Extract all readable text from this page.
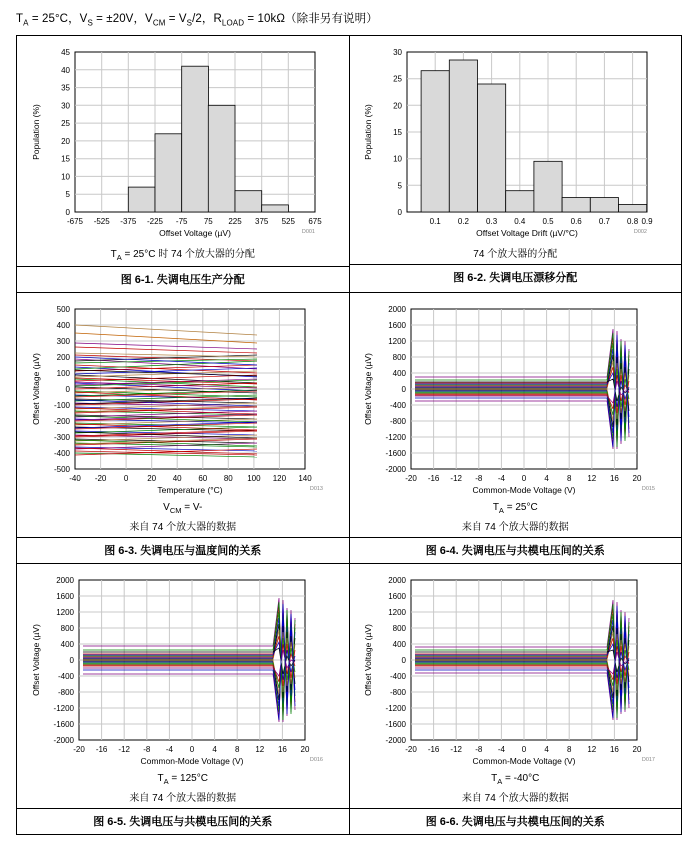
$T_A = 25^\circ C$，$V_S = \pm 20V$，$V_{CM} = V_S/2$，$R_{LOAD} = 10k\Omega$（除非另有说明）
0
5
10
15
20
25
30
35
40
45
-675 -525 -375 -225 -75 75 225 375 525 675
Offset Voltage (µV)
Population (%)
D001
$T_A = 25^\circ C$ 时 74 个放大器的分配
图 6-1. 失调电压生产分配

0
5
10
15
20
25
30
0.1 0.2 0.3 0.4 0.5 0.6 0.7 0.8 0.9
Offset Voltage Drift (µV/°C)
Population (%)
D002
74 个放大器的分配
图 6-2. 失调电压漂移分配

-500
-400
-300
-200
-100
0
100
200
300
400
500
-40 -20 0 20 40 60 80 100 120 140
Temperature (°C)
Offset Voltage (µV)
D013
$V_{CM} = V-$
来自 74 个放大器的数据
图 6-3. 失调电压与温度间的关系

-2000
-1600
-1200
-800
-400
0
400
800
1200
1600
2000
-20 -16 -12 -8 -4 0 4 8 12 16 20
Common-Mode Voltage (V)
Offset Voltage (µV)
D015
$T_A = 25^\circ C$
来自 74 个放大器的数据
图 6-4. 失调电压与共模电压间的关系

-2000
-1600
-1200
-800
-400
0
400
800
1200
1600
2000
-20 -16 -12 -8 -4 0 4 8 12 16 20
Common-Mode Voltage (V)
Offset Voltage (µV)
D016
$T_A = 125^\circ C$
来自 74 个放大器的数据
图 6-5. 失调电压与共模电压间的关系

-2000
-1600
-1200
-800
-400
0
400
800
1200
1600
2000
-20 -16 -12 -8 -4 0 4 8 12 16 20
Common-Mode Voltage (V)
Offset Voltage (µV)
D017
$T_A = -40^\circ C$
来自 74 个放大器的数据
图 6-6. 失调电压与共模电压间的关系
